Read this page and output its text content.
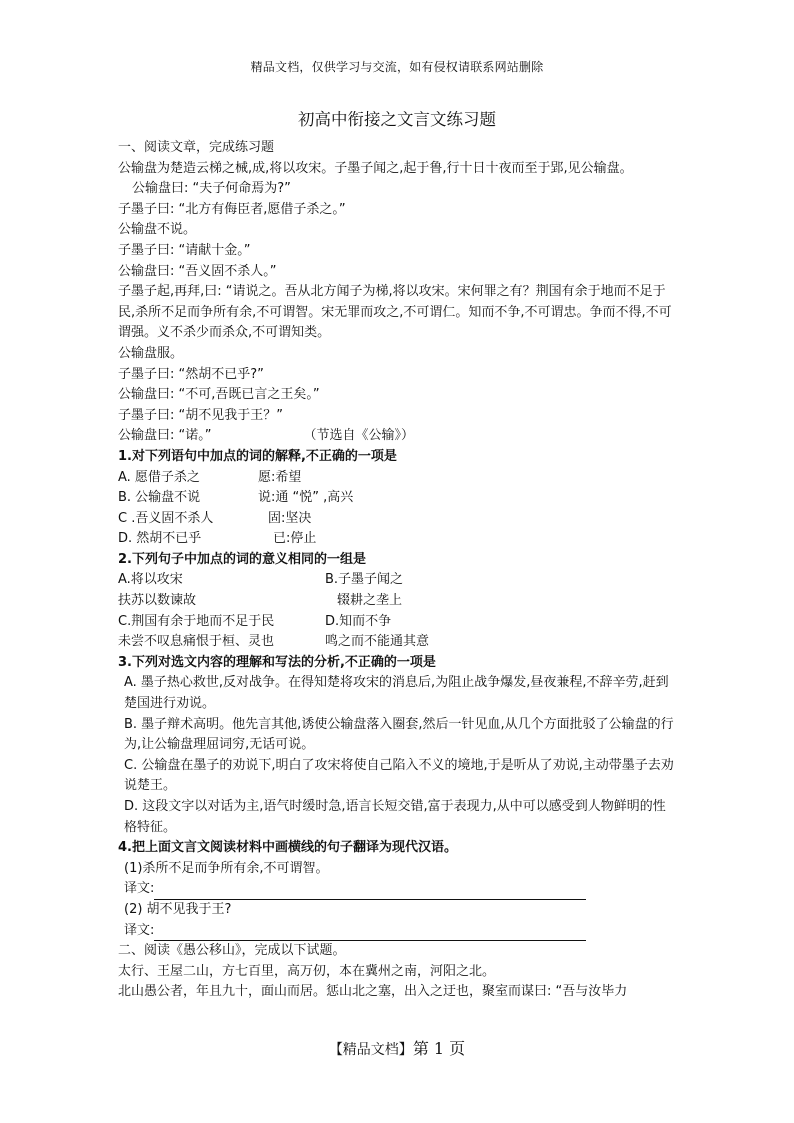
精品文档，仅供学习与交流，如有侵权请联系网站删除
初高中衔接之文言文练习题

一、阅读文章，完成练习题

公输盘为楚造云梯之械,成,将以攻宋。子墨子闻之,起于鲁,行十日十夜而至于郢,见公输盘。

公输盘曰: “夫子何命焉为?”

子墨子曰: “北方有侮臣者,愿借子杀之。”

公输盘不说。

子墨子曰: “请献十金。”

公输盘曰: “吾义固不杀人。”

子墨子起,再拜,曰: “请说之。吾从北方闻子为梯,将以攻宋。宋何罪之有？荆国有余于地而不足于民,杀所不足而争所有余,不可谓智。宋无罪而攻之,不可谓仁。知而不争,不可谓忠。争而不得,不可谓强。义不杀少而杀众,不可谓知类。

公输盘服。

子墨子曰: “然胡不已乎?”

公输盘曰: “不可,吾既已言之王矣。”

子墨子曰: “胡不见我于王？”

公输盘曰: “诺。”	（节选自《公输》）

1.对下列语句中加点的词的解释,不正确的一项是

A. 愿借子杀之	愿:希望
B. 公输盘不说	说:通 “悦” ,高兴
C .吾义固不杀人	固:坚决
D. 然胡不已乎	已:停止

2.下列句子中加点的词的意义相同的一组是

A.将以攻宋	B.子墨子闻之
扶苏以数谏故	辍耕之垄上
C.荆国有余于地而不足于民	D.知而不争
未尝不叹息痛恨于桓、灵也	鸣之而不能通其意

3.下列对选文内容的理解和写法的分析,不正确的一项是

A. 墨子热心救世,反对战争。在得知楚将攻宋的消息后,为阻止战争爆发,昼夜兼程,不辞辛劳,赶到楚国进行劝说。

B. 墨子辩术高明。他先言其他,诱使公输盘落入圈套,然后一针见血,从几个方面批驳了公输盘的行为,让公输盘理屈词穷,无话可说。

C. 公输盘在墨子的劝说下,明白了攻宋将使自己陷入不义的境地,于是听从了劝说,主动带墨子去劝说楚王。

D. 这段文字以对话为主,语气时缓时急,语言长短交错,富于表现力,从中可以感受到人物鲜明的性格特征。

4.把上面文言文阅读材料中画横线的句子翻译为现代汉语。

(1)杀所不足而争所有余,不可谓智。

译文:

(2) 胡不见我于王?

译文:

二、阅读《愚公移山》，完成以下试题。

太行、王屋二山，方七百里，高万仞，本在冀州之南，河阳之北。

北山愚公者，年且九十，面山而居。惩山北之塞，出入之迂也，聚室而谋曰: “吾与汝毕力

【精品文档】第 1 页
